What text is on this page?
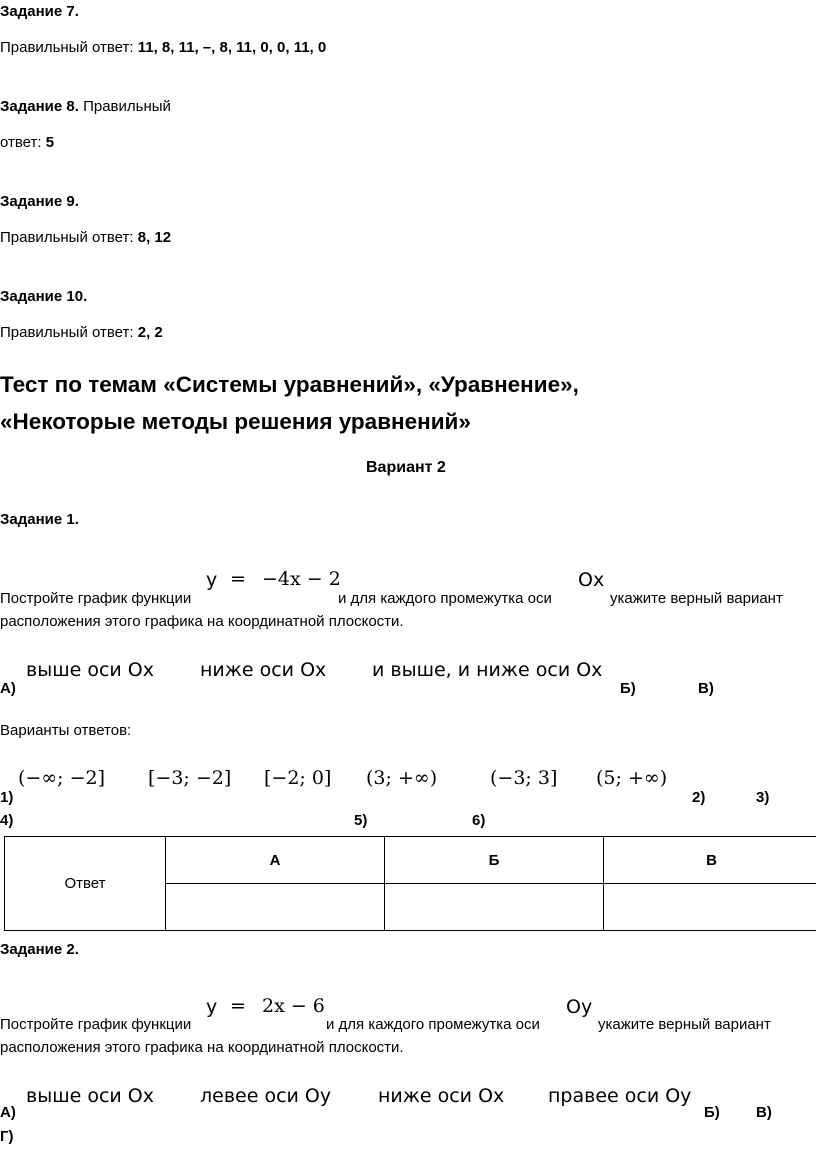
Задание 7.
Правильный ответ: 11, 8, 11, –, 8, 11, 0, 0, 11, 0
Задание 8. Правильный
ответ: 5
Задание 9.
Правильный ответ: 8, 12
Задание 10.
Правильный ответ: 2, 2
Тест по темам «Системы уравнений», «Уравнение»,
«Некоторые методы решения уравнений»
Вариант 2
Задание 1.
y = −4x − 2	Ox
Постройте график функции	и для каждого промежутка оси	укажите верный вариант
расположения этого графика на координатной плоскости.
выше оси Ox ниже оси Ox и выше, и ниже оси Ox
А)	Б)	В)
Варианты ответов:
(−∞; −2] [−3; −2] [−2; 0] (3; +∞)	(−3; 3] (5; +∞)
1)	2)	3)
4)	5)	6)
Ответ	А	Б	В

Задание 2.
y = 2x − 6	Oy
Постройте график функции	и для каждого промежутка оси	укажите верный вариант
расположения этого графика на координатной плоскости.
выше оси Ox левее оси Oy ниже оси Ox правее оси Oy
А)	Б) В)
Г)
